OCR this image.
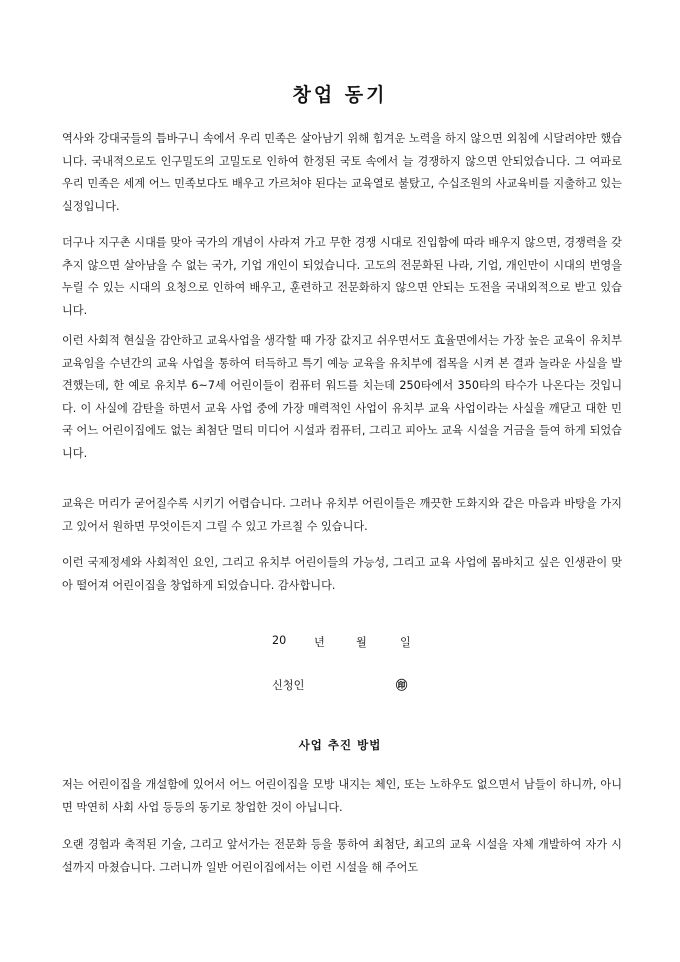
창업 동기

역사와 강대국들의 틈바구니 속에서 우리 민족은 살아남기 위해 힘겨운 노력을 하지 않으면 외침에 시달려야만 했습니다. 국내적으로도 인구밀도의 고밀도로 인하여 한정된 국토 속에서 늘 경쟁하지 않으면 안되었습니다. 그 여파로 우리 민족은 세계 어느 민족보다도 배우고 가르쳐야 된다는 교육열로 불탔고, 수십조원의 사교육비를 지출하고 있는 실정입니다.

더구나 지구촌 시대를 맞아 국가의 개념이 사라져 가고 무한 경쟁 시대로 진입함에 따라 배우지 않으면, 경쟁력을 갖추지 않으면 살아남을 수 없는 국가, 기업 개인이 되었습니다. 고도의 전문화된 나라, 기업, 개인만이 시대의 번영을 누릴 수 있는 시대의 요청으로 인하여 배우고, 훈련하고 전문화하지 않으면 안되는 도전을 국내외적으로 받고 있습니다.

이런 사회적 현실을 감안하고 교육사업을 생각할 때 가장 값지고 쉬우면서도 효율면에서는 가장 높은 교육이 유치부 교육임을 수년간의 교육 사업을 통하여 터득하고 특기 예능 교육을 유치부에 접목을 시켜 본 결과 놀라운 사실을 발견했는데, 한 예로 유치부 6~7세 어린이들이 컴퓨터 워드를 치는데 250타에서 350타의 타수가 나온다는 것입니다. 이 사실에 감탄을 하면서 교육 사업 중에 가장 매력적인 사업이 유치부 교육 사업이라는 사실을 깨닫고 대한 민국 어느 어린이집에도 없는 최첨단 멀티 미디어 시설과 컴퓨터, 그리고 피아노 교육 시설을 거금을 들여 하게 되었습니다.

교육은 머리가 굳어질수록 시키기 어렵습니다. 그러나 유치부 어린이들은 깨끗한 도화지와 같은 마음과 바탕을 가지고 있어서 원하면 무엇이든지 그릴 수 있고 가르칠 수 있습니다.

이런 국제정세와 사회적인 요인, 그리고 유치부 어린이들의 가능성, 그리고 교육 사업에 몸바치고 싶은 인생관이 맞아 떨어져 어린이집을 창업하게 되었습니다. 감사합니다.

20 년	월	일
신청인	㊞
사업 추진 방법

저는 어린이집을 개설함에 있어서 어느 어린이집을 모방 내지는 체인, 또는 노하우도 없으면서 남들이 하니까, 아니면 막연히 사회 사업 등등의 동기로 창업한 것이 아닙니다.

오랜 경험과 축적된 기술, 그리고 앞서가는 전문화 등을 통하여 최첨단, 최고의 교육 시설을 자체 개발하여 자가 시설까지 마쳤습니다. 그러니까 일반 어린이집에서는 이런 시설을 해 주어도
